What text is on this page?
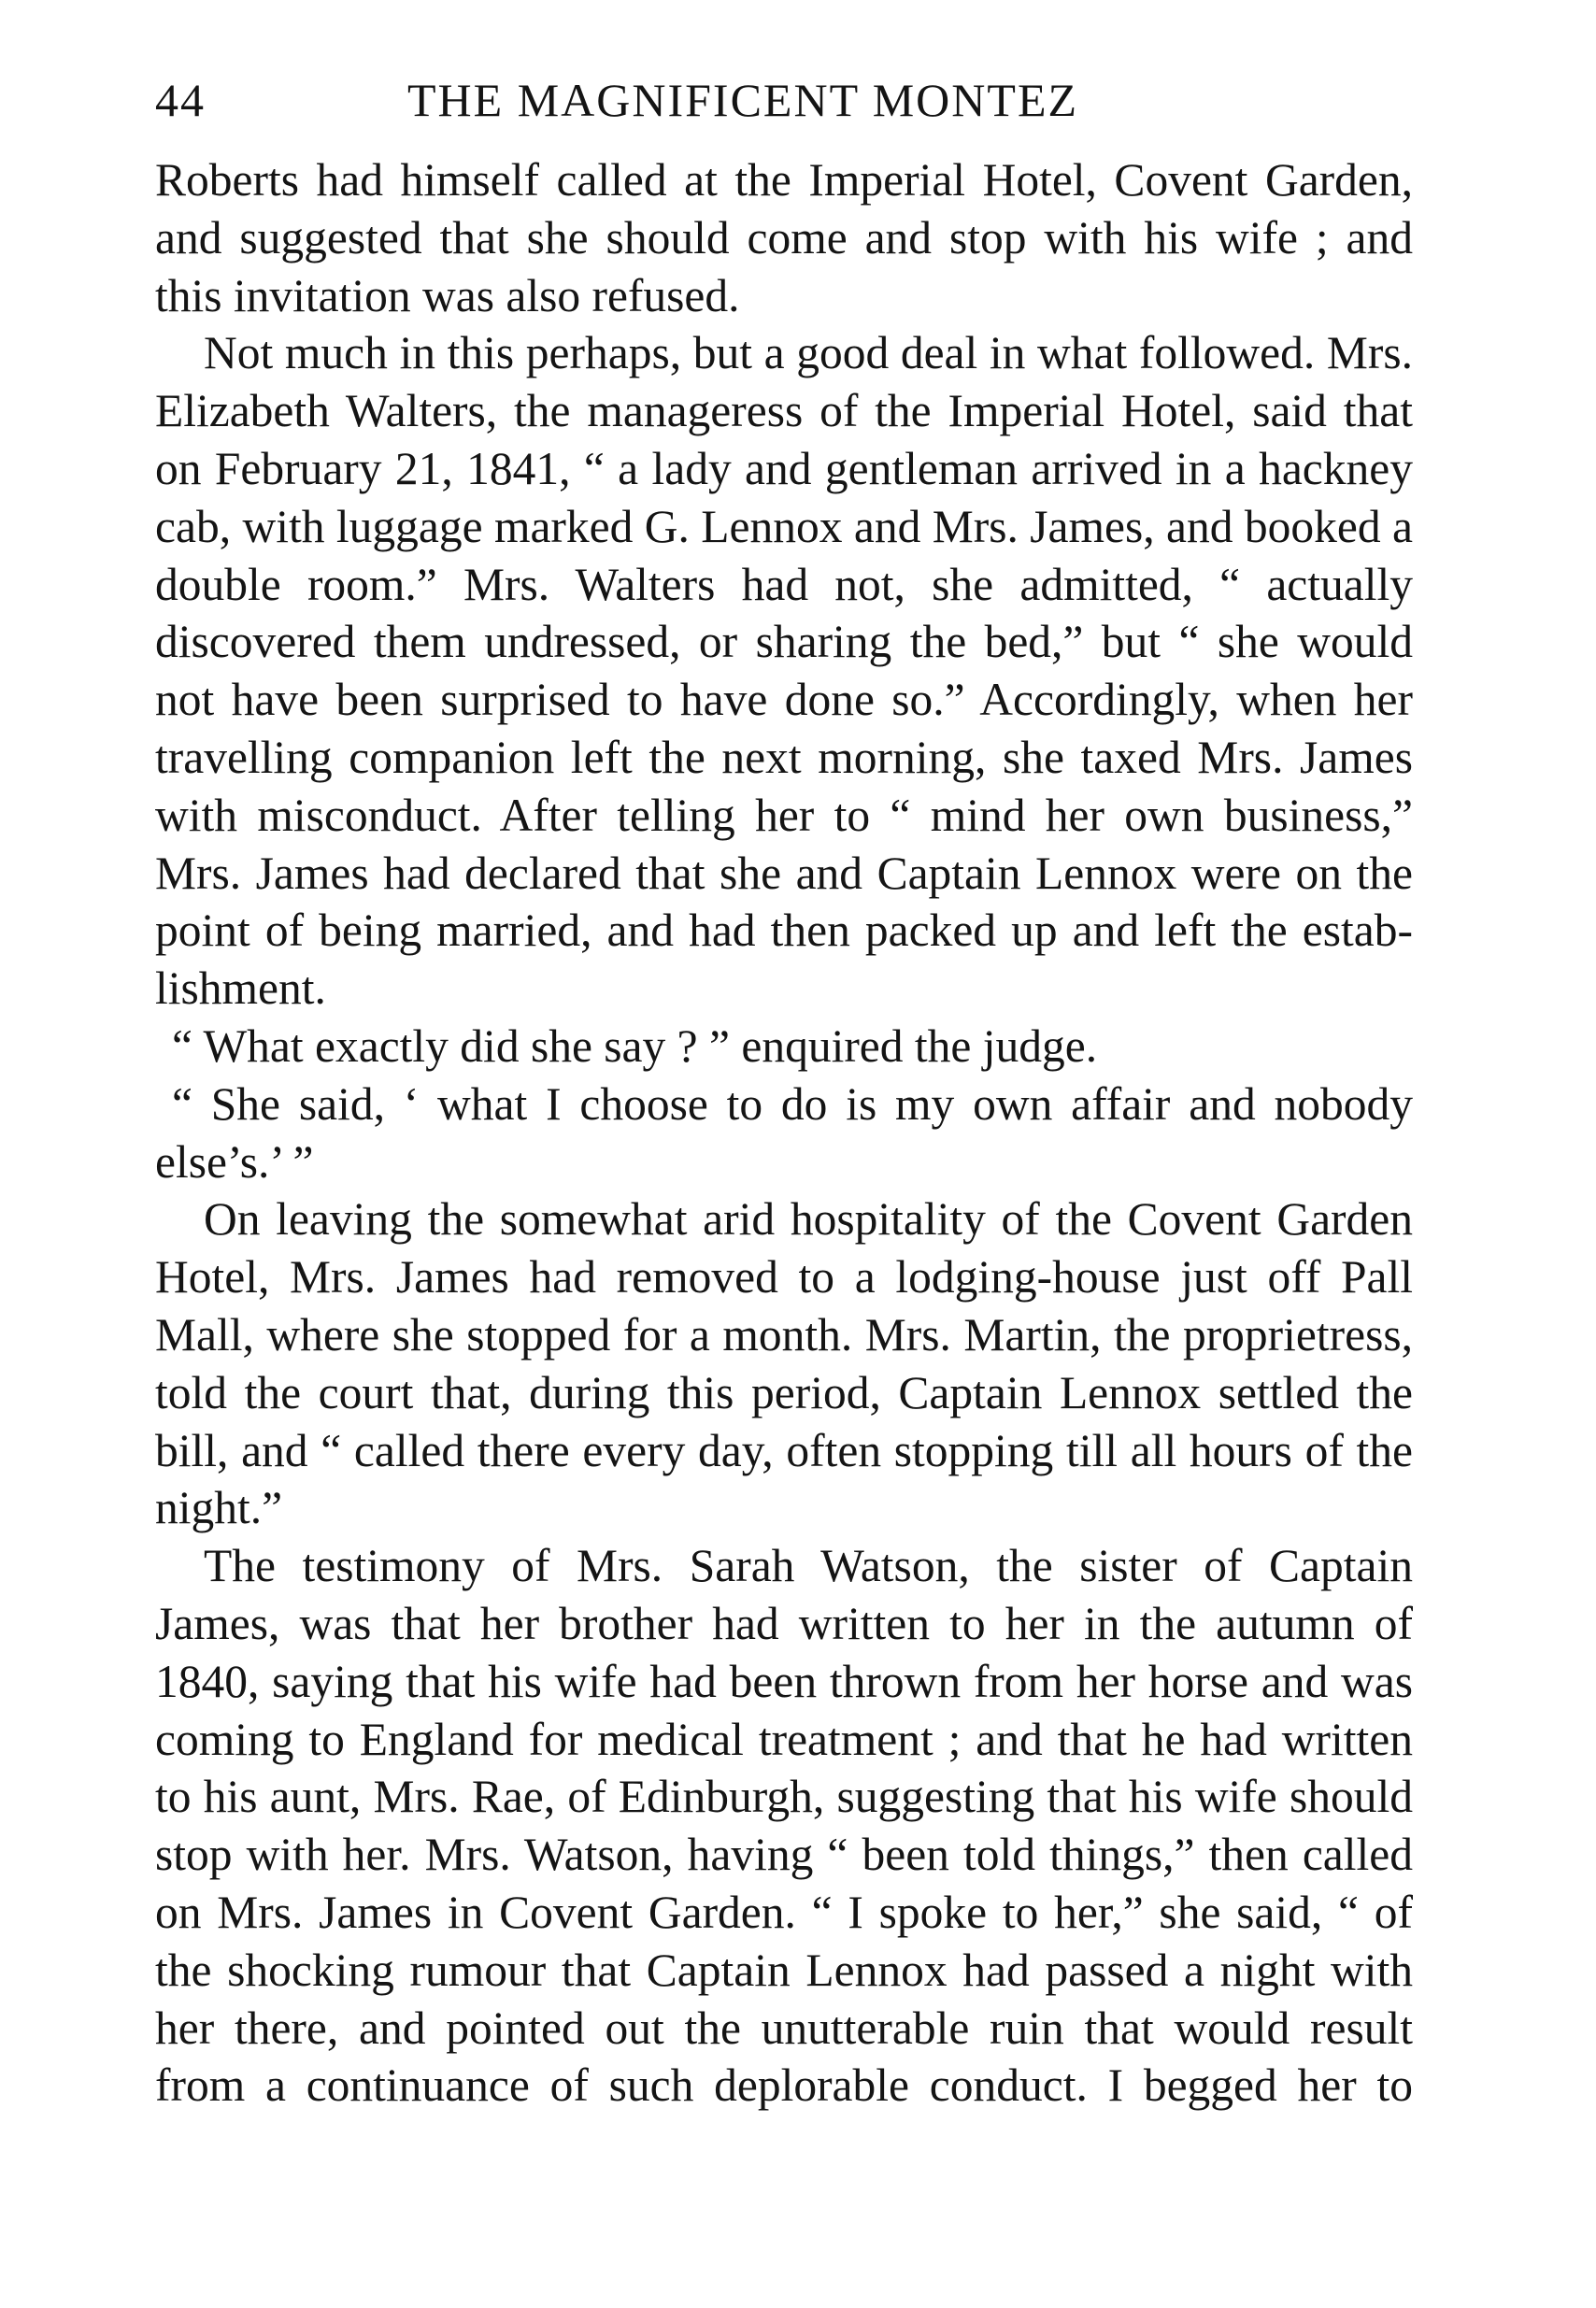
44	THE MAGNIFICENT MONTEZ

Roberts had himself called at the Imperial Hotel, Covent Garden, and suggested that she should come and stop with his wife ; and this invitation was also refused.

Not much in this perhaps, but a good deal in what followed. Mrs. Elizabeth Walters, the manageress of the Imperial Hotel, said that on February 21, 1841, “ a lady and gentleman arrived in a hackney cab, with luggage marked G. Lennox and Mrs. James, and booked a double room.” Mrs. Walters had not, she admitted, “ actually discovered them undressed, or sharing the bed,” but “ she would not have been surprised to have done so.” Accordingly, when her travelling companion left the next morning, she taxed Mrs. James with misconduct. After telling her to “ mind her own business,” Mrs. James had declared that she and Captain Lennox were on the point of being married, and had then packed up and left the establishment.

“ What exactly did she say ? ” enquired the judge.

“ She said, ‘ what I choose to do is my own affair and nobody else’s.’ ”

On leaving the somewhat arid hospitality of the Covent Garden Hotel, Mrs. James had removed to a lodging-house just off Pall Mall, where she stopped for a month. Mrs. Martin, the proprietress, told the court that, during this period, Captain Lennox settled the bill, and “ called there every day, often stopping till all hours of the night.”

The testimony of Mrs. Sarah Watson, the sister of Captain James, was that her brother had written to her in the autumn of 1840, saying that his wife had been thrown from her horse and was coming to England for medical treatment ; and that he had written to his aunt, Mrs. Rae, of Edinburgh, suggesting that his wife should stop with her. Mrs. Watson, having “ been told things,” then called on Mrs. James in Covent Garden. “ I spoke to her,” she said, “ of the shocking rumour that Captain Lennox had passed a night with her there, and pointed out the unutterable ruin that would result from a continuance of such deplorable conduct. I begged her to
